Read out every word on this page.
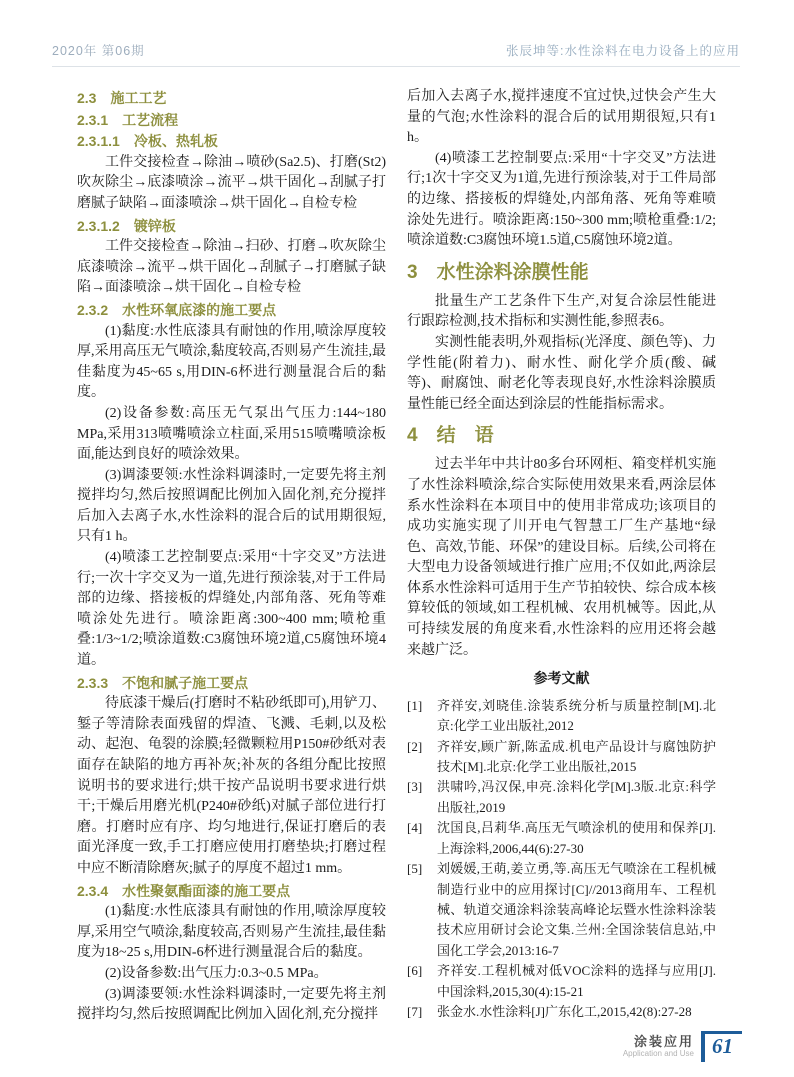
2020年 第06期	张辰坤等:水性涂料在电力设备上的应用
2.3　施工工艺
2.3.1　工艺流程
2.3.1.1　冷板、热轧板

工件交接检查→除油→喷砂(Sa2.5)、打磨(St2)吹灰除尘→底漆喷涂→流平→烘干固化→刮腻子打磨腻子缺陷→面漆喷涂→烘干固化→自检专检

2.3.1.2　镀锌板

工件交接检查→除油→扫砂、打磨→吹灰除尘底漆喷涂→流平→烘干固化→刮腻子→打磨腻子缺陷→面漆喷涂→烘干固化→自检专检

2.3.2　水性环氧底漆的施工要点

(1)黏度:水性底漆具有耐蚀的作用,喷涂厚度较厚,采用高压无气喷涂,黏度较高,否则易产生流挂,最佳黏度为45~65 s,用DIN-6杯进行测量混合后的黏度。

(2)设备参数:高压无气泵出气压力:144~180 MPa,采用313喷嘴喷涂立柱面,采用515喷嘴喷涂板面,能达到良好的喷涂效果。

(3)调漆要领:水性涂料调漆时,一定要先将主剂搅拌均匀,然后按照调配比例加入固化剂,充分搅拌后加入去离子水,水性涂料的混合后的试用期很短,只有1 h。

(4)喷漆工艺控制要点:采用“十字交叉”方法进行;一次十字交叉为一道,先进行预涂装,对于工件局部的边缘、搭接板的焊缝处,内部角落、死角等难喷涂处先进行。喷涂距离:300~400 mm;喷枪重叠:1/3~1/2;喷涂道数:C3腐蚀环境2道,C5腐蚀环境4道。

2.3.3　不饱和腻子施工要点

待底漆干燥后(打磨时不粘砂纸即可),用铲刀、錾子等清除表面残留的焊渣、飞溅、毛刺,以及松动、起泡、龟裂的涂膜;轻微颗粒用P150#砂纸对表面存在缺陷的地方再补灰;补灰的各组分配比按照说明书的要求进行;烘干按产品说明书要求进行烘干;干燥后用磨光机(P240#砂纸)对腻子部位进行打磨。打磨时应有序、均匀地进行,保证打磨后的表面光泽度一致,手工打磨应使用打磨垫块;打磨过程中应不断清除磨灰;腻子的厚度不超过1 mm。

2.3.4　水性聚氨酯面漆的施工要点

(1)黏度:水性底漆具有耐蚀的作用,喷涂厚度较厚,采用空气喷涂,黏度较高,否则易产生流挂,最佳黏度为18~25 s,用DIN-6杯进行测量混合后的黏度。

(2)设备参数:出气压力:0.3~0.5 MPa。

(3)调漆要领:水性涂料调漆时,一定要先将主剂搅拌均匀,然后按照调配比例加入固化剂,充分搅拌

后加入去离子水,搅拌速度不宜过快,过快会产生大量的气泡;水性涂料的混合后的试用期很短,只有1 h。

(4)喷漆工艺控制要点:采用“十字交叉”方法进行;1次十字交叉为1道,先进行预涂装,对于工件局部的边缘、搭接板的焊缝处,内部角落、死角等难喷涂处先进行。喷涂距离:150~300 mm;喷枪重叠:1/2;喷涂道数:C3腐蚀环境1.5道,C5腐蚀环境2道。

3　水性涂料涂膜性能

批量生产工艺条件下生产,对复合涂层性能进行跟踪检测,技术指标和实测性能,参照表6。

实测性能表明,外观指标(光泽度、颜色等)、力学性能(附着力)、耐水性、耐化学介质(酸、碱等)、耐腐蚀、耐老化等表现良好,水性涂料涂膜质量性能已经全面达到涂层的性能指标需求。

4　结　语

过去半年中共计80多台环网柜、箱变样机实施了水性涂料喷涂,综合实际使用效果来看,两涂层体系水性涂料在本项目中的使用非常成功;该项目的成功实施实现了川开电气智慧工厂生产基地“绿色、高效,节能、环保”的建设目标。后续,公司将在大型电力设备领域进行推广应用;不仅如此,两涂层体系水性涂料可适用于生产节拍较快、综合成本核算较低的领域,如工程机械、农用机械等。因此,从可持续发展的角度来看,水性涂料的应用还将会越来越广泛。

参考文献
[1]	齐祥安,刘晓佳.涂装系统分析与质量控制[M].北京:化学工业出版社,2012
[2]	齐祥安,顾广新,陈孟成.机电产品设计与腐蚀防护技术[M].北京:化学工业出版社,2015
[3]	洪啸吟,冯汉保,申亮.涂料化学[M].3版.北京:科学出版社,2019
[4]	沈国良,吕莉华.高压无气喷涂机的使用和保养[J].上海涂料,2006,44(6):27-30
[5]	刘媛媛,王萌,姜立勇,等.高压无气喷涂在工程机械制造行业中的应用探讨[C]//2013商用车、工程机械、轨道交通涂料涂装高峰论坛暨水性涂料涂装技术应用研讨会论文集.兰州:全国涂装信息站,中国化工学会,2013:16-7
[6]	齐祥安.工程机械对低VOC涂料的选择与应用[J].中国涂料,2015,30(4):15-21
[7]	张金水.水性涂料[J]广东化工,2015,42(8):27-28
涂装应用
Application and Use 61
